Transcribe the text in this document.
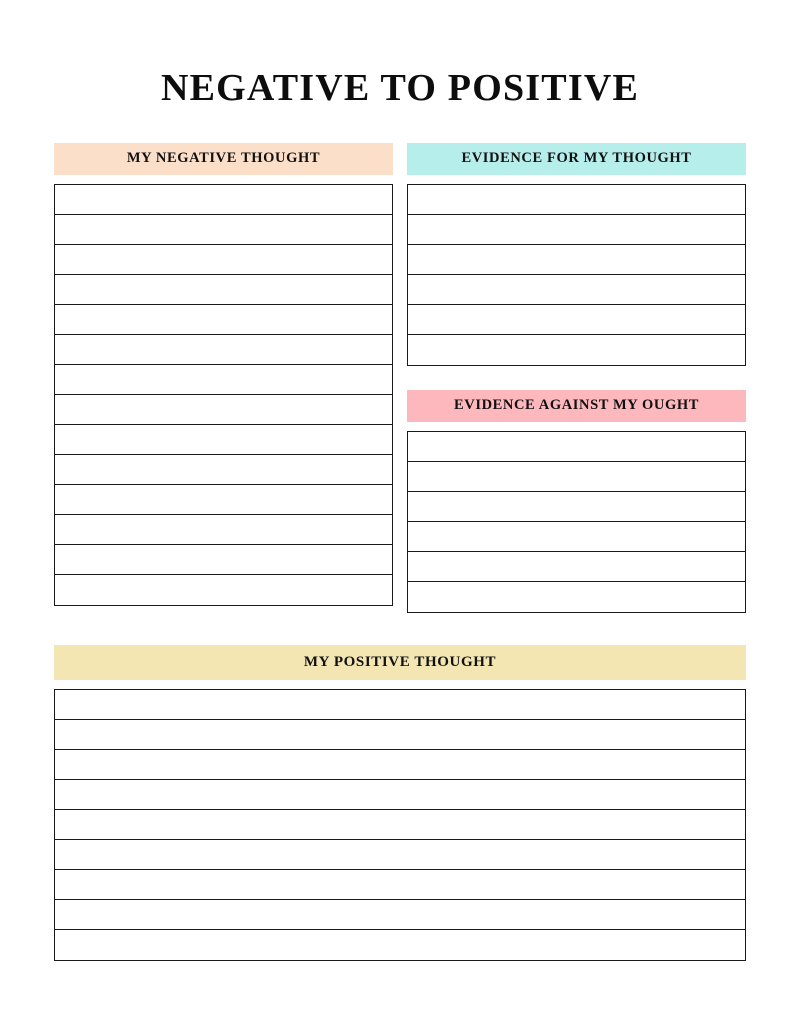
NEGATIVE TO POSITIVE
MY NEGATIVE THOUGHT	EVIDENCE FOR MY THOUGHT
EVIDENCE AGAINST MY OUGHT
MY POSITIVE THOUGHT
